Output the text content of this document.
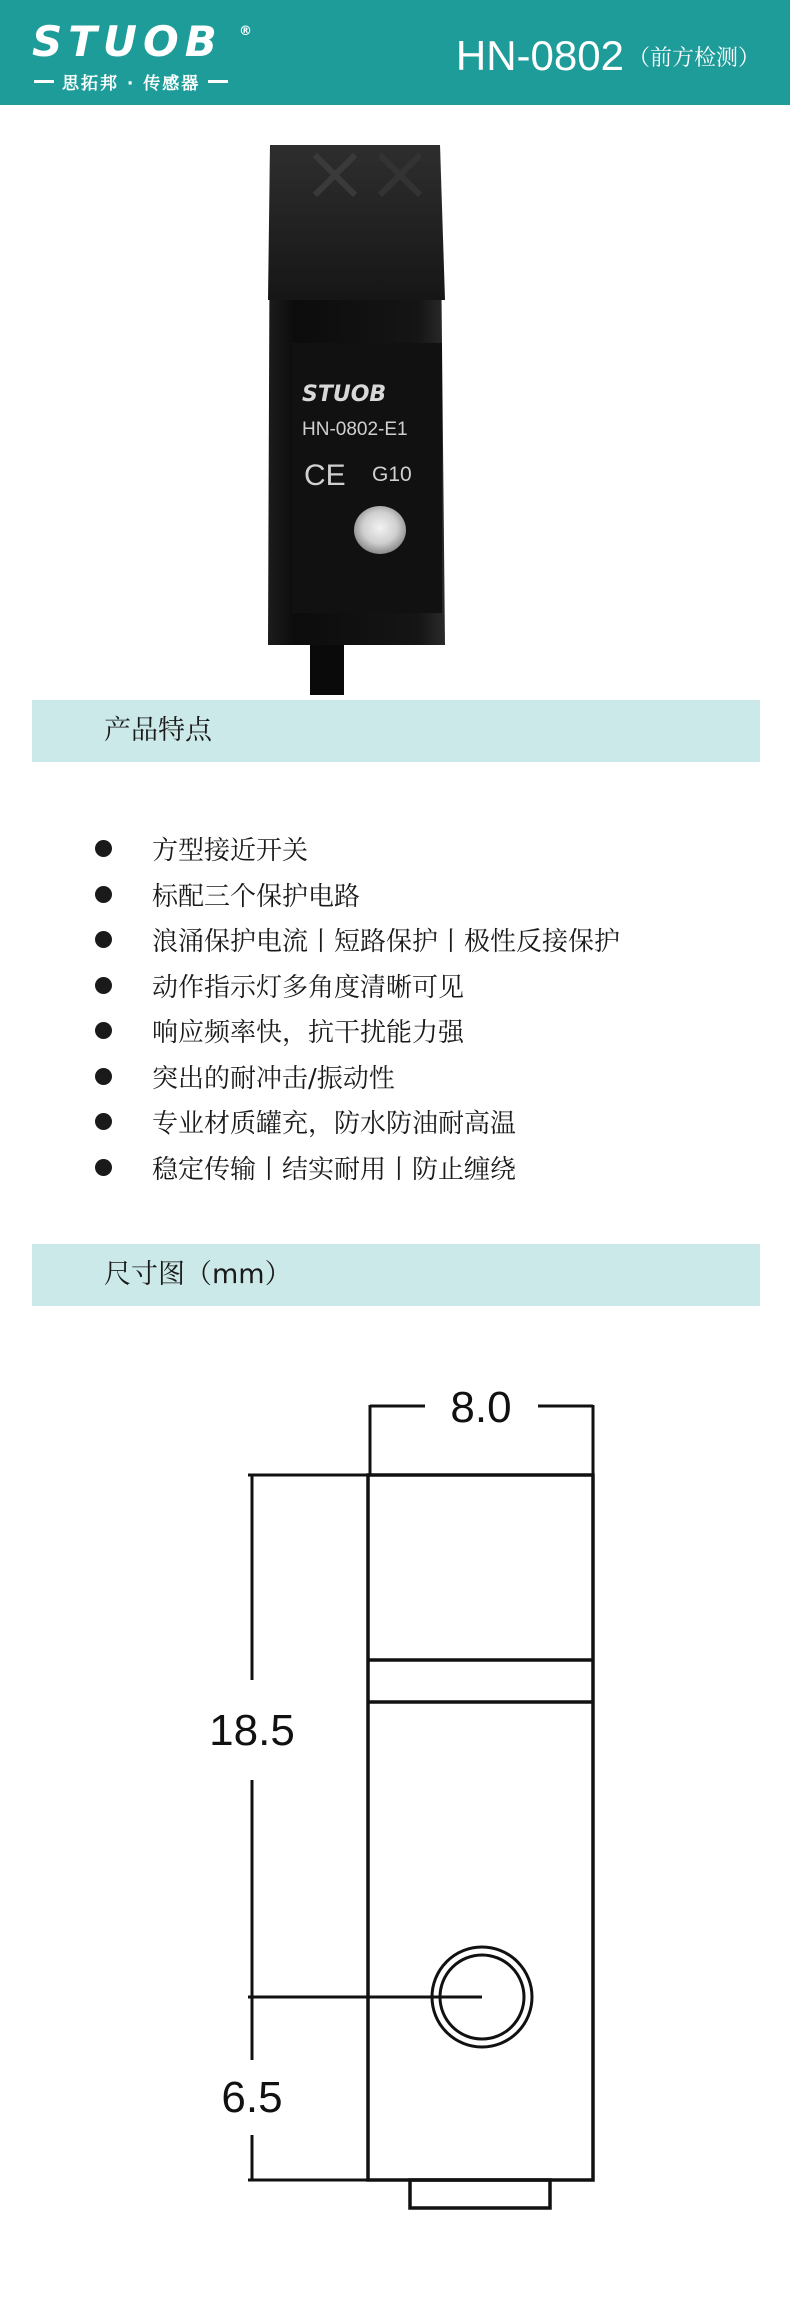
STUOB ®
思拓邦 · 传感器
HN-0802 （前方检测）
STUOB
HN-0802-E1
CE G10
产品特点
方型接近开关
标配三个保护电路
浪涌保护电流丨短路保护丨极性反接保护
动作指示灯多角度清晰可见
响应频率快，抗干扰能力强
突出的耐冲击/振动性
专业材质罐充，防水防油耐高温
稳定传输丨结实耐用丨防止缠绕
尺寸图（mm）
8.0
18.5
6.5
